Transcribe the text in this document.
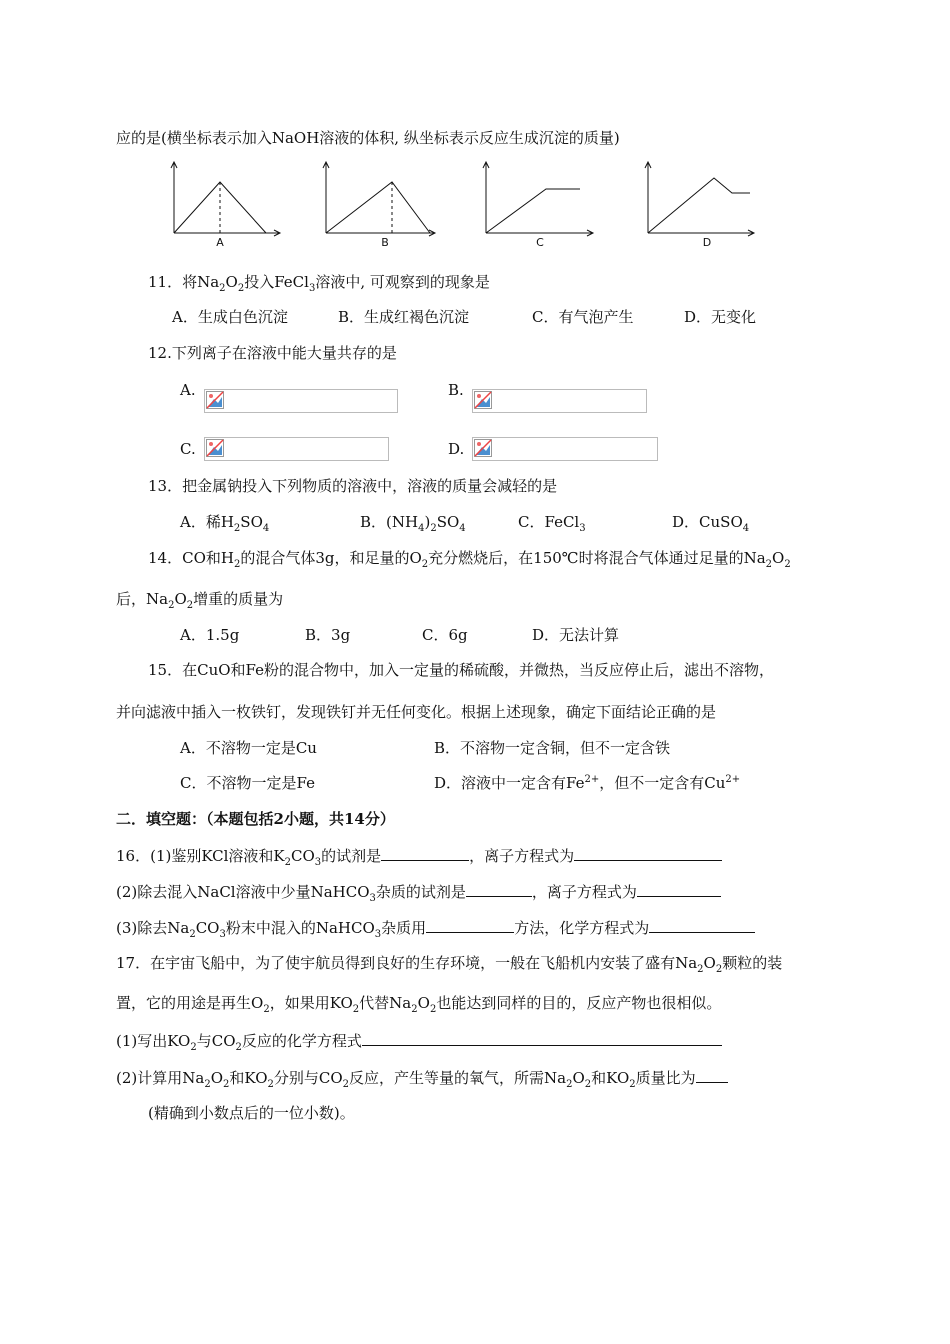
应的是(横坐标表示加入NaOH溶液的体积, 纵坐标表示反应生成沉淀的质量)
A	B	C	D
11．将$Na_2O_2$投入FeCl$_3$溶液中, 可观察到的现象是
A．生成白色沉淀	B．生成红褐色沉淀	C．有气泡产生	D．无变化
12.下列离子在溶液中能大量共存的是
A.	B.
C.	D.
13．把金属钠投入下列物质的溶液中，溶液的质量会减轻的是
A．稀$H_2SO_4$	B．$(NH_4)_2SO_4$	C．FeCl$_3$	D．CuSO$_4$
14．CO和$H_2$的混合气体3g，和足量的$O_2$充分燃烧后，在150℃时将混合气体通过足量的$Na_2O_2$
后，$Na_2O_2$增重的质量为
A．1.5g	B．3g	C．6g	D．无法计算
15．在CuO和Fe粉的混合物中，加入一定量的稀硫酸，并微热，当反应停止后，滤出不溶物，
并向滤液中插入一枚铁钉，发现铁钉并无任何变化。根据上述现象，确定下面结论正确的是
A．不溶物一定是Cu	B．不溶物一定含铜，但不一定含铁
C．不溶物一定是Fe	D．溶液中一定含有$Fe^{2+}$，但不一定含有$Cu^{2+}$
二．填空题：（本题包括2小题，共14分）
16．(1)鉴别KCl溶液和$K_2CO_3$的试剂是	，离子方程式为
(2)除去混入NaCl溶液中少量NaHCO$_3$杂质的试剂是	，离子方程式为
(3)除去$Na_2CO_3$粉末中混入的NaHCO$_3$杂质用	方法，化学方程式为
17．在宇宙飞船中，为了使宇航员得到良好的生存环境，一般在飞船机内安装了盛有$Na_2O_2$颗粒的装
置，它的用途是再生$O_2$，如果用$KO_2$代替$Na_2O_2$也能达到同样的目的，反应产物也很相似。
(1)写出$KO_2$与$CO_2$反应的化学方程式
(2)计算用$Na_2O_2$和$KO_2$分别与$CO_2$反应，产生等量的氧气，所需$Na_2O_2$和$KO_2$质量比为
(精确到小数点后的一位小数)。
